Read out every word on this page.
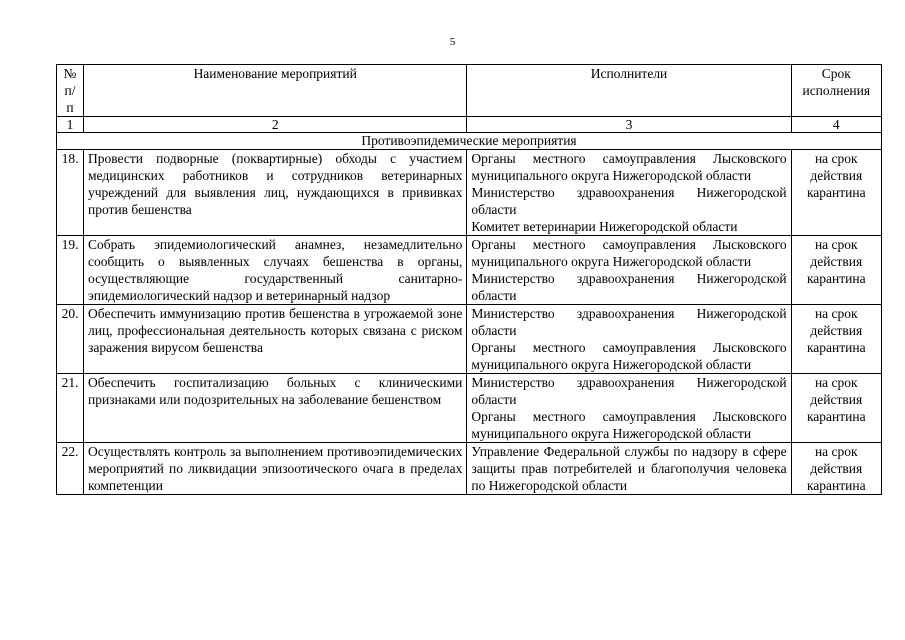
5
№ п/п	Наименование мероприятий	Исполнители	Срок исполнения
1	2	3	4
Противоэпидемические мероприятия			
18.	Провести подворные (поквартирные) обходы с участием медицинских работников и сотрудников ветеринарных учреждений для выявления лиц, нуждающихся в прививках против бешенства	Органы местного самоуправления Лысковского муниципального округа Нижегородской области
Министерство здравоохранения Нижегородской области
Комитет ветеринарии Нижегородской области	на срок действия карантина
19.	Собрать эпидемиологический анамнез, незамедлительно сообщить о выявленных случаях бешенства в органы, осуществляющие государственный санитарно-эпидемиологический надзор и ветеринарный надзор	Органы местного самоуправления Лысковского муниципального округа Нижегородской области
Министерство здравоохранения Нижегородской области	на срок действия карантина
20.	Обеспечить иммунизацию против бешенства в угрожаемой зоне лиц, профессиональная деятельность которых связана с риском заражения вирусом бешенства	Министерство здравоохранения Нижегородской области
Органы местного самоуправления Лысковского муниципального округа Нижегородской области	на срок действия карантина
21.	Обеспечить госпитализацию больных с клиническими признаками или подозрительных на заболевание бешенством	Министерство здравоохранения Нижегородской области
Органы местного самоуправления Лысковского муниципального округа Нижегородской области	на срок действия карантина
22.	Осуществлять контроль за выполнением противоэпидемических мероприятий по ликвидации эпизоотического очага в пределах компетенции	Управление Федеральной службы по надзору в сфере защиты прав потребителей и благополучия человека по Нижегородской области	на срок действия карантина
